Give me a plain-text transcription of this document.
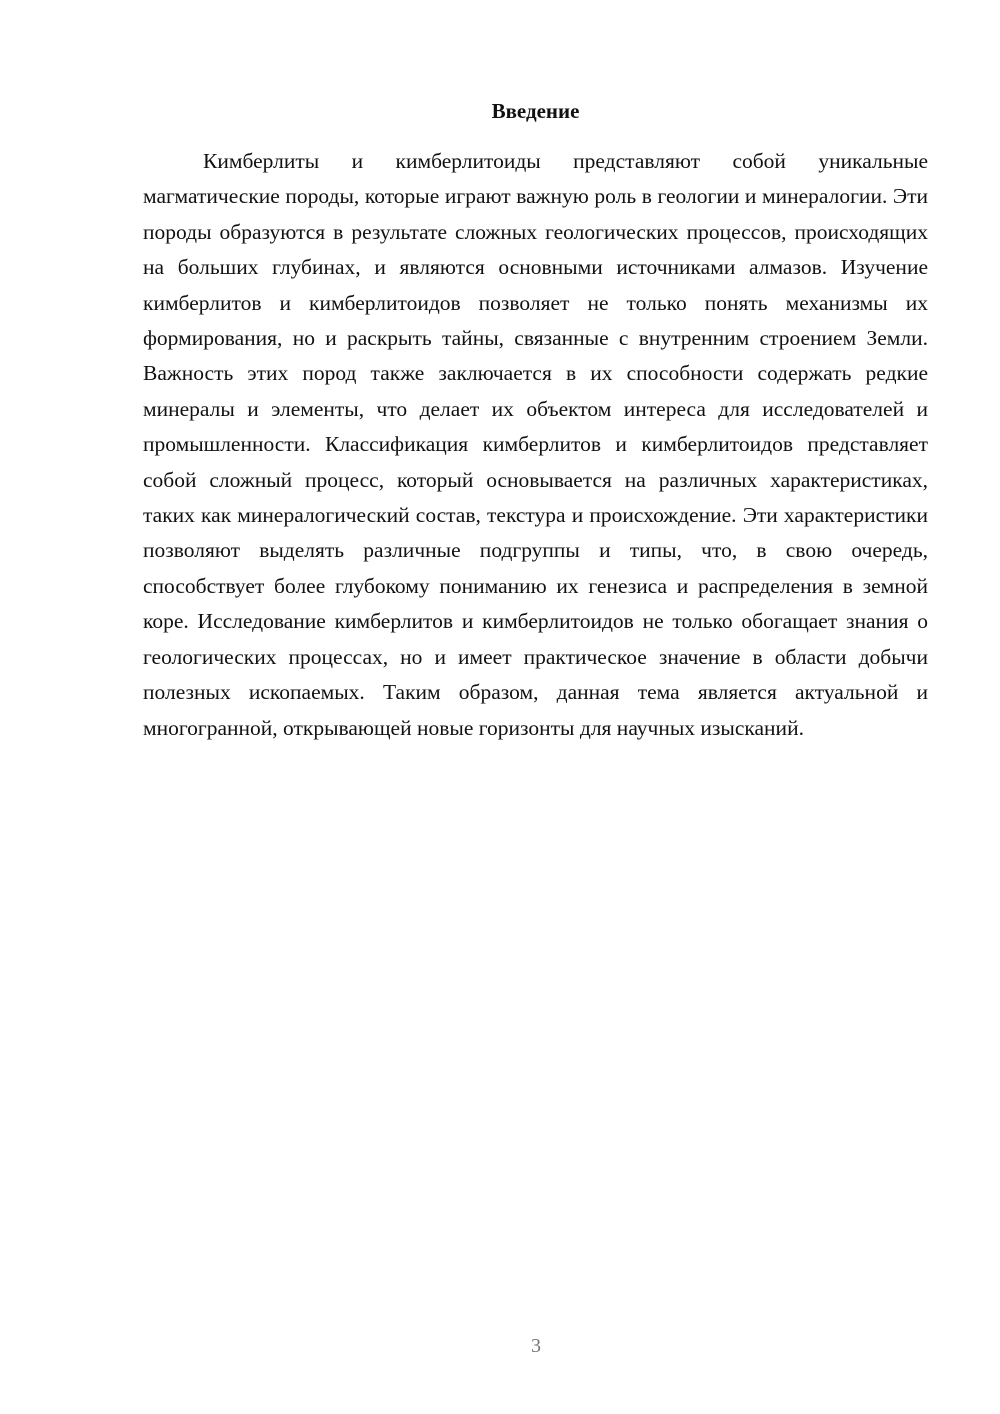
Введение

Кимберлиты и кимберлитоиды представляют собой уникальные магматические породы, которые играют важную роль в геологии и минералогии. Эти породы образуются в результате сложных геологических процессов, происходящих на больших глубинах, и являются основными источниками алмазов. Изучение кимберлитов и кимберлитоидов позволяет не только понять механизмы их формирования, но и раскрыть тайны, связанные с внутренним строением Земли. Важность этих пород также заключается в их способности содержать редкие минералы и элементы, что делает их объектом интереса для исследователей и промышленности. Классификация кимберлитов и кимберлитоидов представляет собой сложный процесс, который основывается на различных характеристиках, таких как минералогический состав, текстура и происхождение. Эти характеристики позволяют выделять различные подгруппы и типы, что, в свою очередь, способствует более глубокому пониманию их генезиса и распределения в земной коре. Исследование кимберлитов и кимберлитоидов не только обогащает знания о геологических процессах, но и имеет практическое значение в области добычи полезных ископаемых. Таким образом, данная тема является актуальной и многогранной, открывающей новые горизонты для научных изысканий.

3
